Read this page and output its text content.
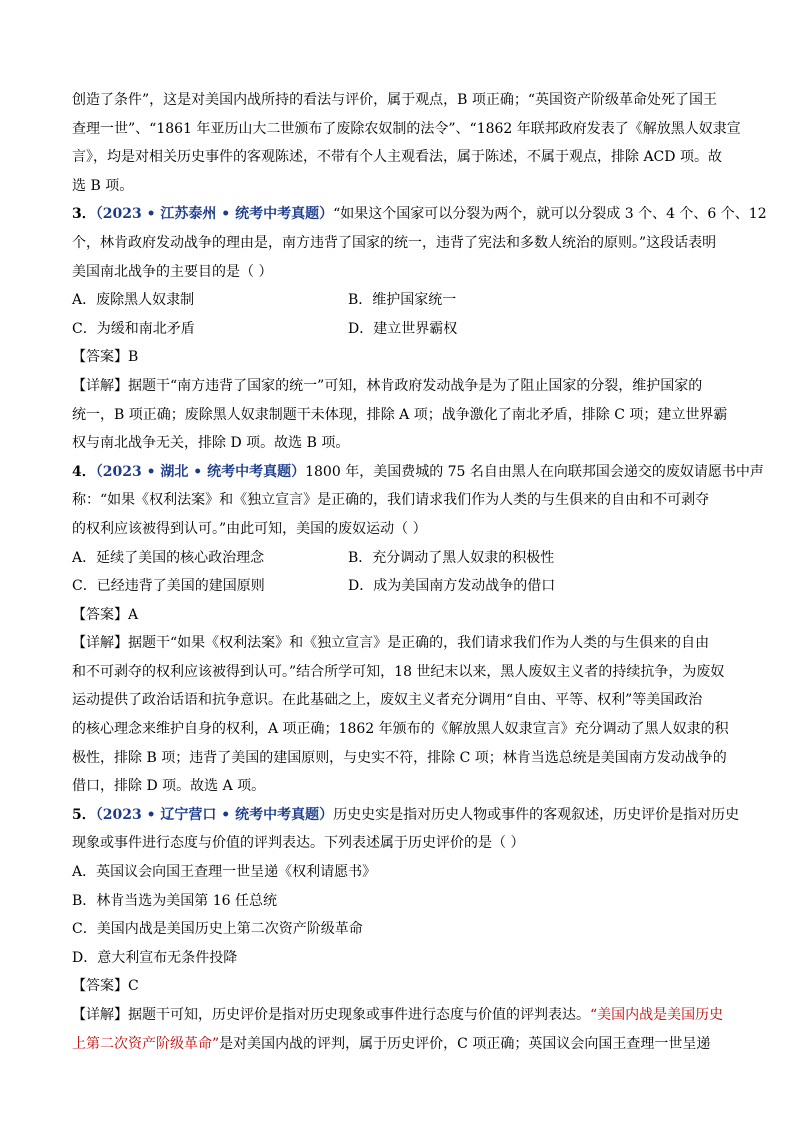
创造了条件”，这是对美国内战所持的看法与评价，属于观点，B 项正确；“英国资产阶级革命处死了国王
查理一世”、“1861 年亚历山大二世颁布了废除农奴制的法令”、“1862 年联邦政府发表了《解放黑人奴隶宣
言》，均是对相关历史事件的客观陈述，不带有个人主观看法，属于陈述，不属于观点，排除 ACD 项。故
选 B 项。
3．（2023 • 江苏泰州 • 统考中考真题）“如果这个国家可以分裂为两个，就可以分裂成 3 个、4 个、6 个、12
个，林肯政府发动战争的理由是，南方违背了国家的统一，违背了宪法和多数人统治的原则。”这段话表明
美国南北战争的主要目的是（ ）
A．废除黑人奴隶制	B．维护国家统一
C．为缓和南北矛盾	D．建立世界霸权
【答案】B
【详解】据题干“南方违背了国家的统一”可知，林肯政府发动战争是为了阻止国家的分裂，维护国家的
统一，B 项正确；废除黑人奴隶制题干未体现，排除 A 项；战争激化了南北矛盾，排除 C 项；建立世界霸
权与南北战争无关，排除 D 项。故选 B 项。
4．（2023 • 湖北 • 统考中考真题）1800 年，美国费城的 75 名自由黑人在向联邦国会递交的废奴请愿书中声
称：“如果《权利法案》和《独立宣言》是正确的，我们请求我们作为人类的与生俱来的自由和不可剥夺
的权利应该被得到认可。”由此可知，美国的废奴运动（ ）
A．延续了美国的核心政治理念	B．充分调动了黑人奴隶的积极性
C．已经违背了美国的建国原则	D．成为美国南方发动战争的借口
【答案】A
【详解】据题干“如果《权利法案》和《独立宣言》是正确的，我们请求我们作为人类的与生俱来的自由
和不可剥夺的权利应该被得到认可。”结合所学可知，18 世纪末以来，黑人废奴主义者的持续抗争，为废奴
运动提供了政治话语和抗争意识。在此基础之上，废奴主义者充分调用“自由、平等、权利”等美国政治
的核心理念来维护自身的权利，A 项正确；1862 年颁布的《解放黑人奴隶宣言》充分调动了黑人奴隶的积
极性，排除 B 项；违背了美国的建国原则，与史实不符，排除 C 项；林肯当选总统是美国南方发动战争的
借口，排除 D 项。故选 A 项。
5．（2023 • 辽宁营口 • 统考中考真题）历史史实是指对历史人物或事件的客观叙述，历史评价是指对历史
现象或事件进行态度与价值的评判表达。下列表述属于历史评价的是（ ）
A．英国议会向国王查理一世呈递《权利请愿书》
B．林肯当选为美国第 16 任总统
C．美国内战是美国历史上第二次资产阶级革命
D．意大利宣布无条件投降
【答案】C
【详解】据题干可知，历史评价是指对历史现象或事件进行态度与价值的评判表达。“美国内战是美国历史
上第二次资产阶级革命”是对美国内战的评判，属于历史评价，C 项正确；英国议会向国王查理一世呈递
